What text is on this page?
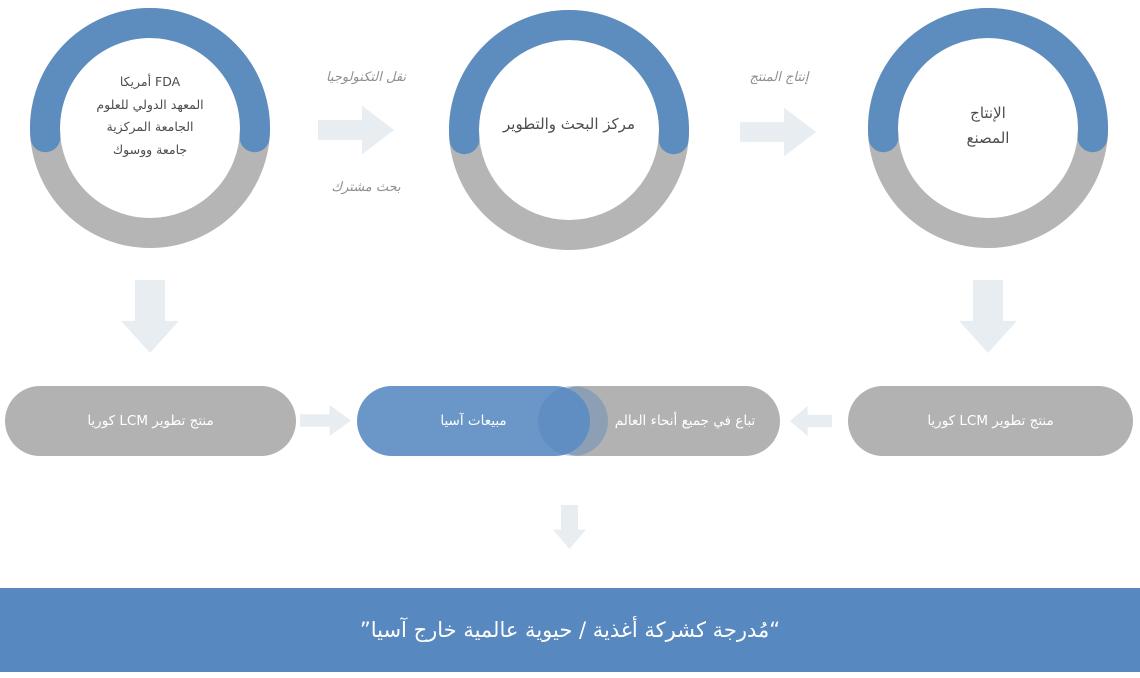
FDA أمريكا
المعهد الدولي للعلوم
الجامعة المركزية
جامعة ووسوك
نقل التكنولوجيا
بحث مشترك
مركز البحث والتطوير
إنتاج المنتج
الإنتاج
المصنع
منتج تطوير LCM كوريا	تباع في جميع أنحاء العالم
مبيعات آسيا	منتج تطوير LCM كوريا
“مُدرجة كشركة أغذية / حيوية عالمية خارج آسيا”
